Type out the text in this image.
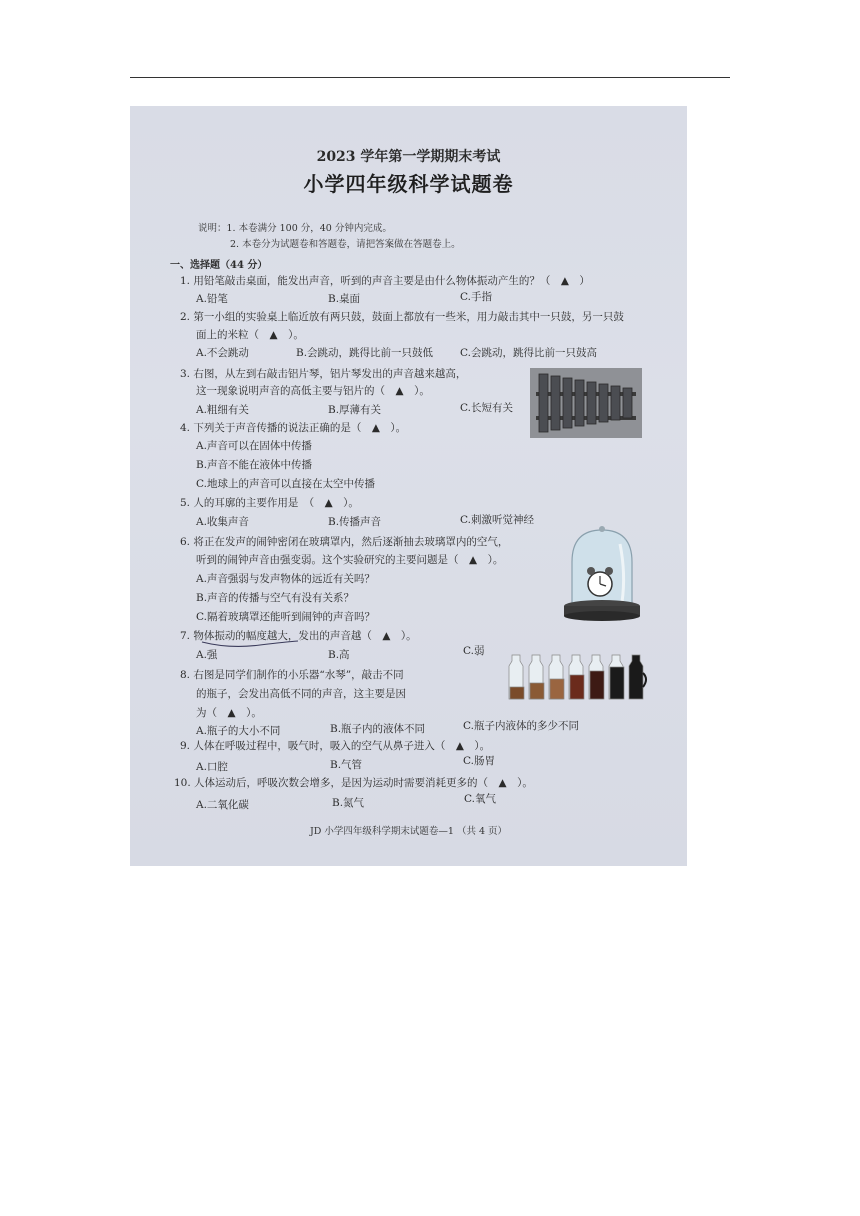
2023 学年第一学期期末考试
小学四年级科学试题卷
说明：1. 本卷满分 100 分，40 分钟内完成。
2. 本卷分为试题卷和答题卷，请把答案做在答题卷上。
一、选择题（44 分）
1. 用铅笔敲击桌面，能发出声音，听到的声音主要是由什么物体振动产生的？（　▲　）
A.铅笔	B.桌面	C.手指
2. 第一小组的实验桌上临近放有两只鼓，鼓面上都放有一些米，用力敲击其中一只鼓，另一只鼓
面上的米粒（　▲　）。
A.不会跳动	B.会跳动，跳得比前一只鼓低	C.会跳动，跳得比前一只鼓高
3. 右图，从左到右敲击铝片琴，铝片琴发出的声音越来越高，
这一现象说明声音的高低主要与铝片的（　▲　）。
A.粗细有关	B.厚薄有关	C.长短有关
4. 下列关于声音传播的说法正确的是（　▲　）。
A.声音可以在固体中传播
B.声音不能在液体中传播
C.地球上的声音可以直接在太空中传播
5. 人的耳廓的主要作用是　（　▲　）。
A.收集声音	B.传播声音	C.刺激听觉神经
6. 将正在发声的闹钟密闭在玻璃罩内，然后逐渐抽去玻璃罩内的空气，
听到的闹钟声音由强变弱。这个实验研究的主要问题是（　▲　）。
A.声音强弱与发声物体的远近有关吗？
B.声音的传播与空气有没有关系？
C.隔着玻璃罩还能听到闹钟的声音吗？
7. 物体振动的幅度越大，发出的声音越（　▲　）。
A.强	B.高	C.弱
8. 右图是同学们制作的小乐器“水琴”，敲击不同
的瓶子，会发出高低不同的声音，这主要是因
为（　▲　）。
A.瓶子的大小不同	B.瓶子内的液体不同	C.瓶子内液体的多少不同
9. 人体在呼吸过程中，吸气时，吸入的空气从鼻子进入（　▲　）。
A.口腔	B.气管	C.肠胃
10. 人体运动后，呼吸次数会增多，是因为运动时需要消耗更多的（　▲　）。
A.二氧化碳	B.氮气	C.氧气
JD 小学四年级科学期末试题卷—1 （共 4 页）
